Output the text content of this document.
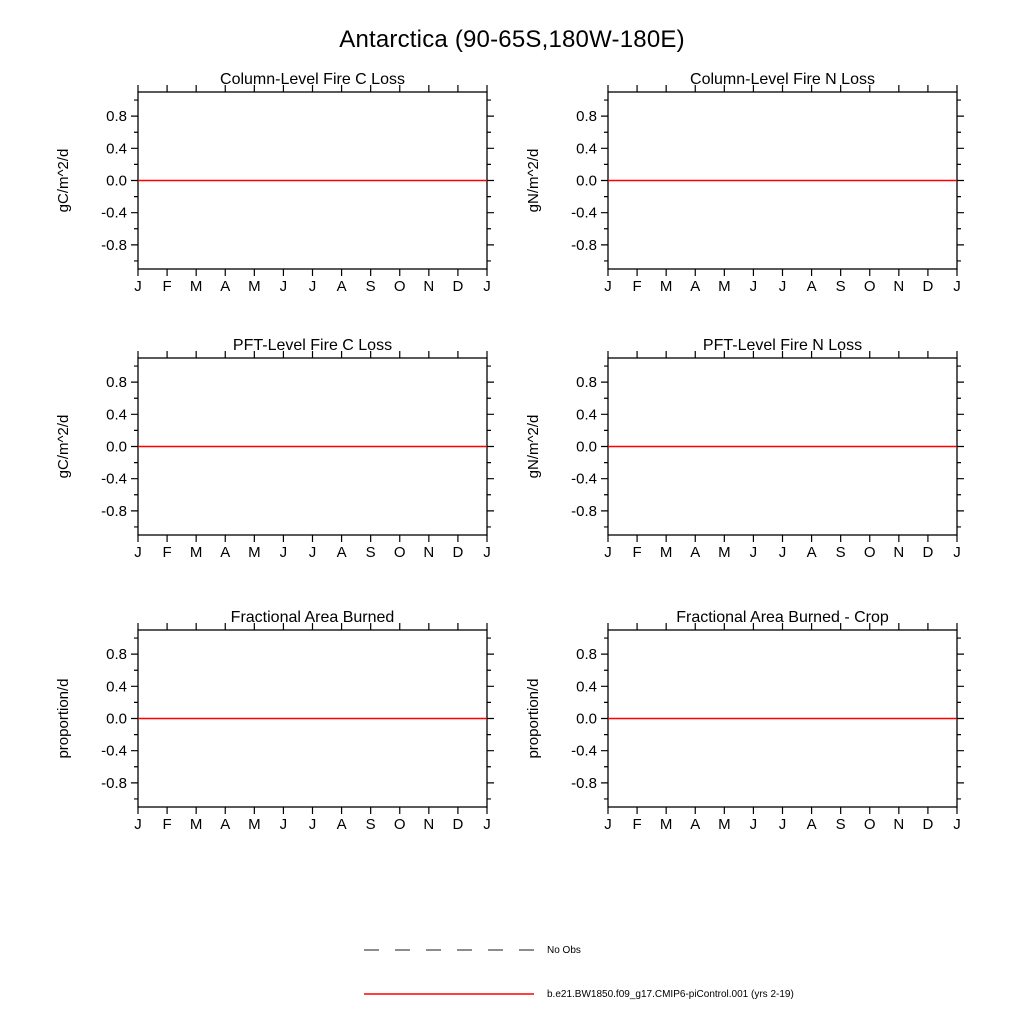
Antarctica (90-65S,180W-180E)
Column-Level Fire C Loss
gC/m^2/d
0.8
0.4
0.0
-0.4
-0.8
J F M A M J J A S O N D J
Column-Level Fire N Loss
gN/m^2/d
0.8
0.4
0.0
-0.4
-0.8
J F M A M J J A S O N D J
PFT-Level Fire C Loss
gC/m^2/d
0.8
0.4
0.0
-0.4
-0.8
J F M A M J J A S O N D J
PFT-Level Fire N Loss
gN/m^2/d
0.8
0.4
0.0
-0.4
-0.8
J F M A M J J A S O N D J
Fractional Area Burned
proportion/d
0.8
0.4
0.0
-0.4
-0.8
J F M A M J J A S O N D J
Fractional Area Burned - Crop
proportion/d
0.8
0.4
0.0
-0.4
-0.8
J F M A M J J A S O N D J
No Obs
b.e21.BW1850.f09_g17.CMIP6-piControl.001 (yrs 2-19)
